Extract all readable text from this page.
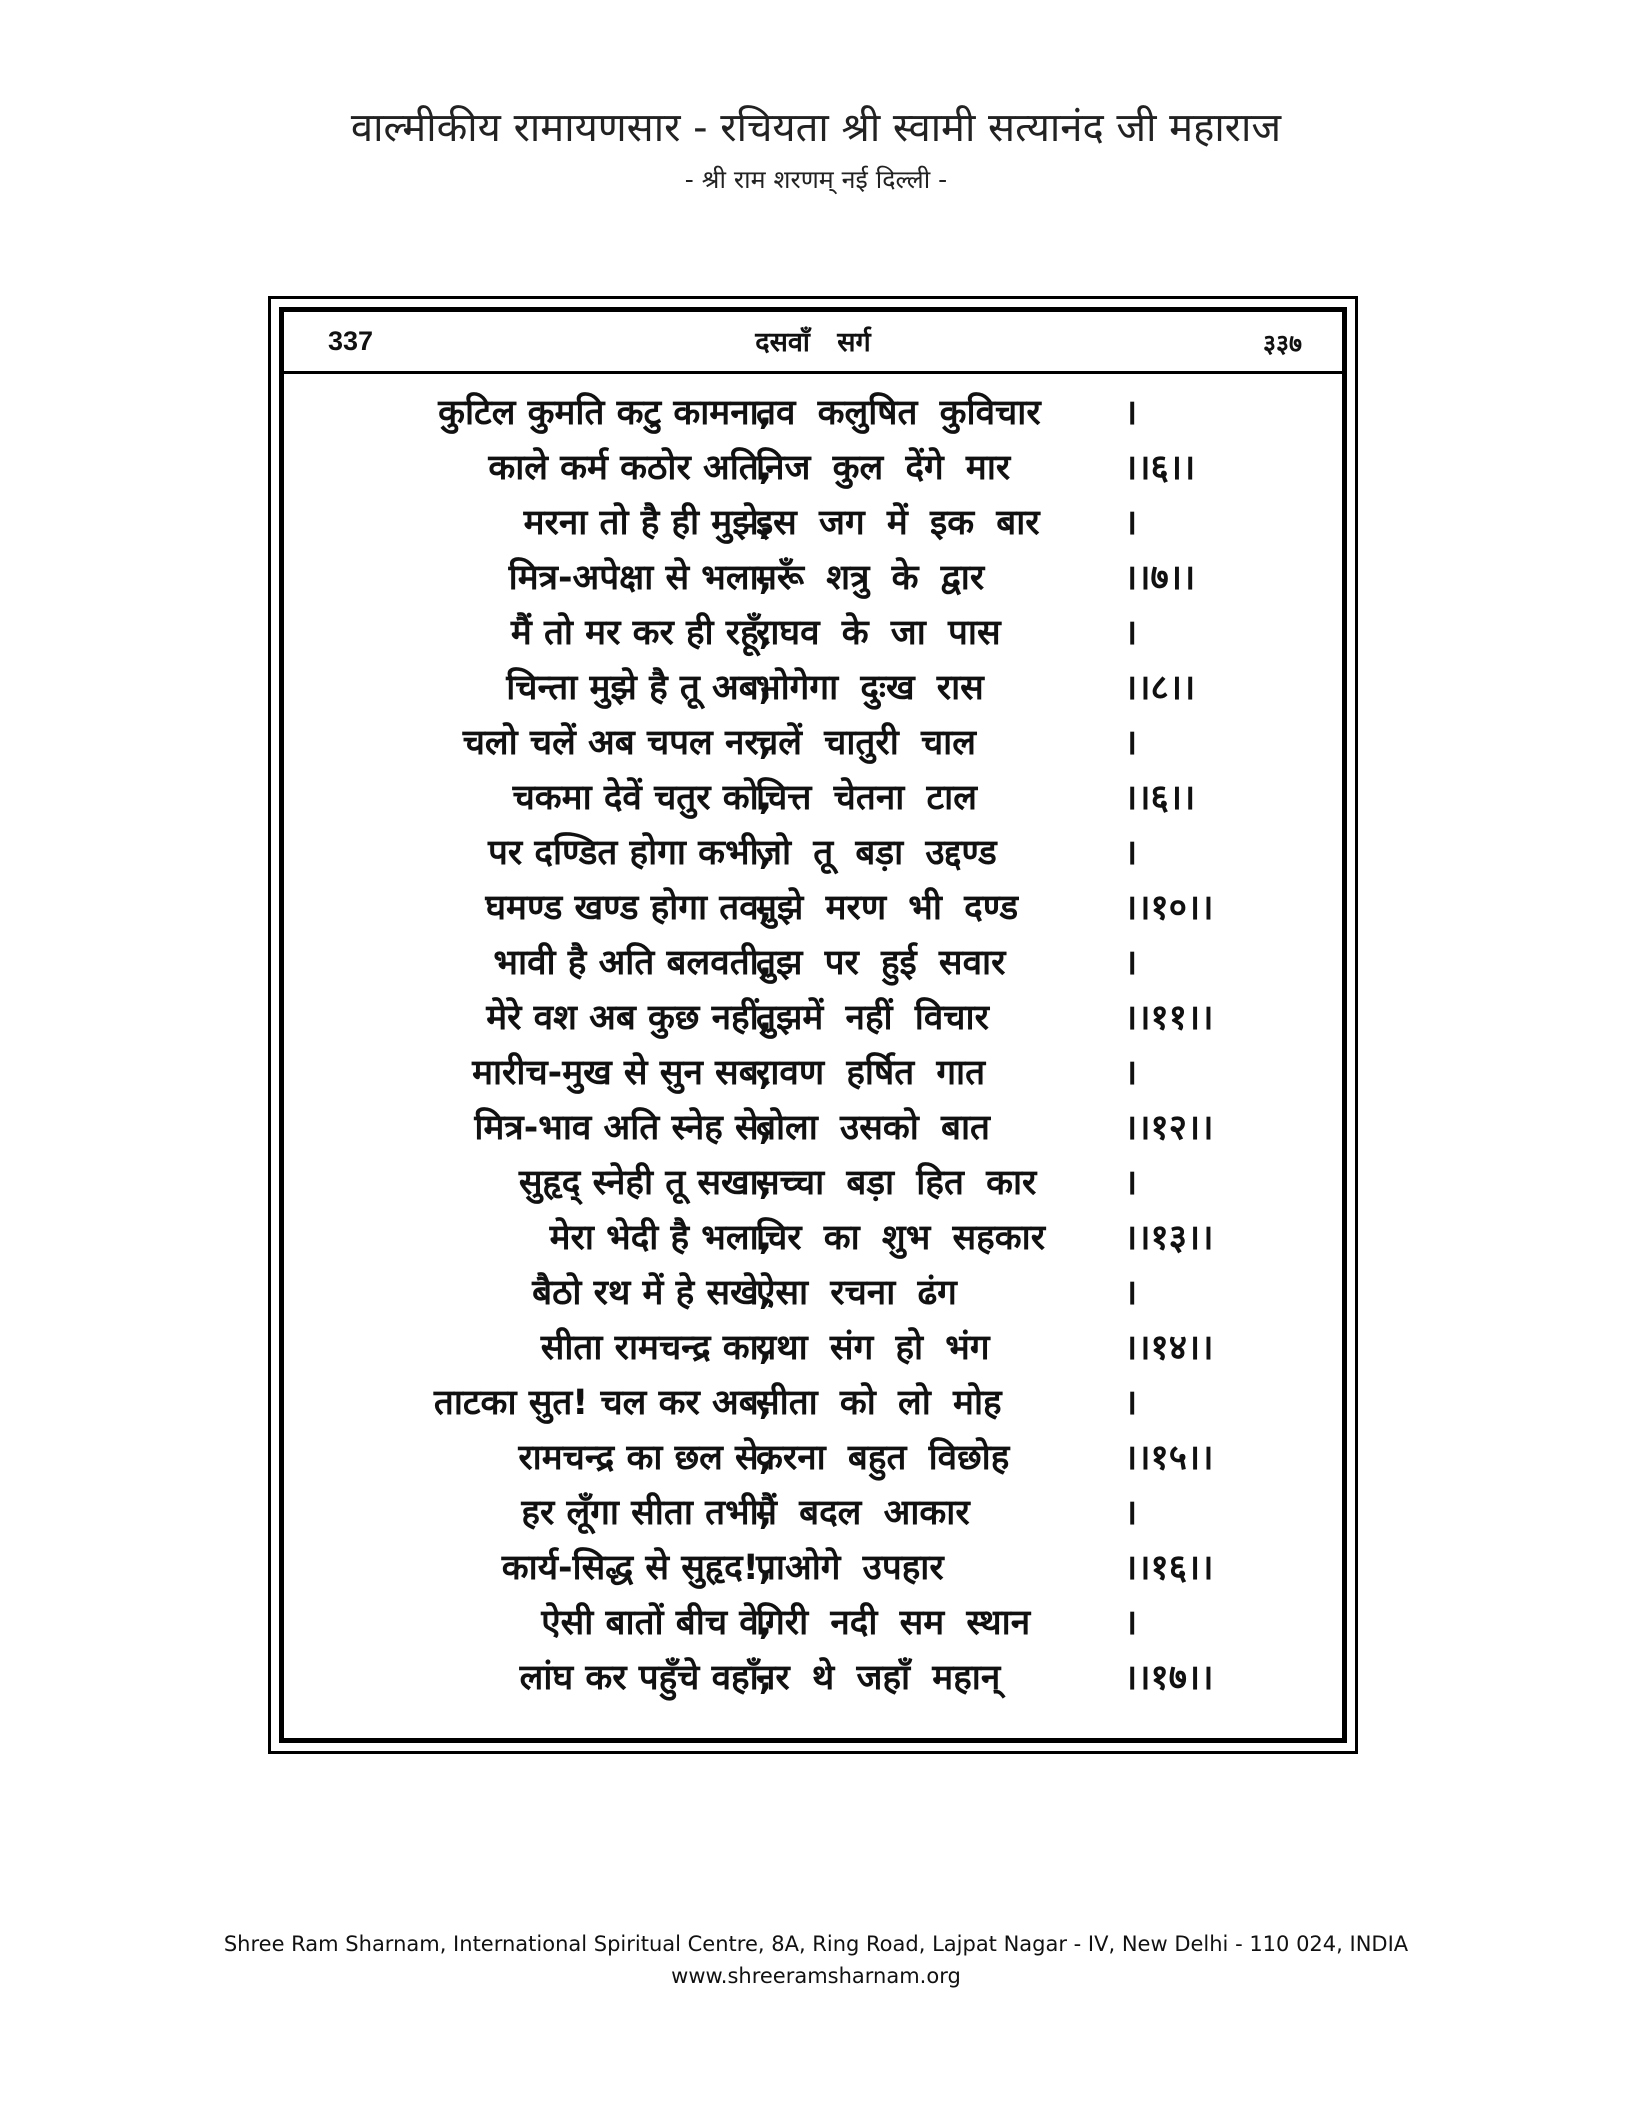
वाल्मीकीय रामायणसार - रचियता श्री स्वामी सत्यानंद जी महाराज
- श्री राम शरणम् नई दिल्ली -
337	दसवाँ सर्ग	३३७
कुटिल कुमति कटु कामना,
तव कलुषित कुविचार	।
काले कर्म कठोर अति,
निज कुल देंगे मार	।।६।।
मरना तो है ही मुझे,
इस जग में इक बार	।
मित्र-अपेक्षा से भला,
मरूँ शत्रु के द्वार	।।७।।
मैं तो मर कर ही रहूँ,
राघव के जा पास	।
चिन्ता मुझे है तू अब,
भोगेगा दुःख रास	।।८।।
चलो चलें अब चपल नर,
चलें चातुरी चाल	।
चकमा देवें चतुर को,
चित्त चेतना टाल	।।६।।
पर दण्डित होगा कभी,
जो तू बड़ा उद्दण्ड	।
घमण्ड खण्ड होगा तव,
मुझे मरण भी दण्ड	।।१०।।
भावी है अति बलवती,
तुझ पर हुई सवार	।
मेरे वश अब कुछ नहीं,
तुझमें नहीं विचार	।।११।।
मारीच-मुख से सुन सब,
रावण हर्षित गात	।
मित्र-भाव अति स्नेह से,
बोला उसको बात	।।१२।।
सुहृद् स्नेही तू सखा,
सच्चा बड़ा हित कार	।
मेरा भेदी है भला,
चिर का शुभ सहकार	।।१३।।
बैठो रथ में हे सखे,
ऐसा रचना ढंग	।
सीता रामचन्द्र का,
यथा संग हो भंग	।।१४।।
ताटका सुत! चल कर अब,
सीता को लो मोह	।
रामचन्द्र का छल से,
करना बहुत विछोह	।।१५।।
हर लूँगा सीता तभी,
मैं बदल आकार	।
कार्य-सिद्ध से सुहृद!,
पाओगे उपहार	।।१६।।
ऐसी बातों बीच वे,
गिरी नदी सम स्थान	।
लांघ कर पहुँचे वहाँ,
नर थे जहाँ महान्	।।१७।।
Shree Ram Sharnam, International Spiritual Centre, 8A, Ring Road, Lajpat Nagar - IV, New Delhi - 110 024, INDIA
www.shreeramsharnam.org
